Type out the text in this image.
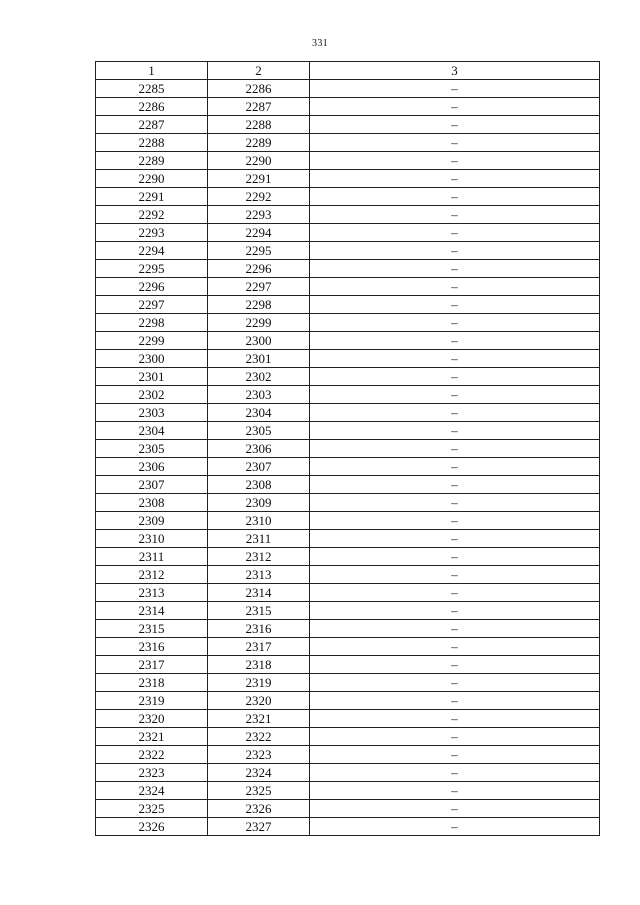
331
1	2	3
2285	2286	–
2286	2287	–
2287	2288	–
2288	2289	–
2289	2290	–
2290	2291	–
2291	2292	–
2292	2293	–
2293	2294	–
2294	2295	–
2295	2296	–
2296	2297	–
2297	2298	–
2298	2299	–
2299	2300	–
2300	2301	–
2301	2302	–
2302	2303	–
2303	2304	–
2304	2305	–
2305	2306	–
2306	2307	–
2307	2308	–
2308	2309	–
2309	2310	–
2310	2311	–
2311	2312	–
2312	2313	–
2313	2314	–
2314	2315	–
2315	2316	–
2316	2317	–
2317	2318	–
2318	2319	–
2319	2320	–
2320	2321	–
2321	2322	–
2322	2323	–
2323	2324	–
2324	2325	–
2325	2326	–
2326	2327	–
